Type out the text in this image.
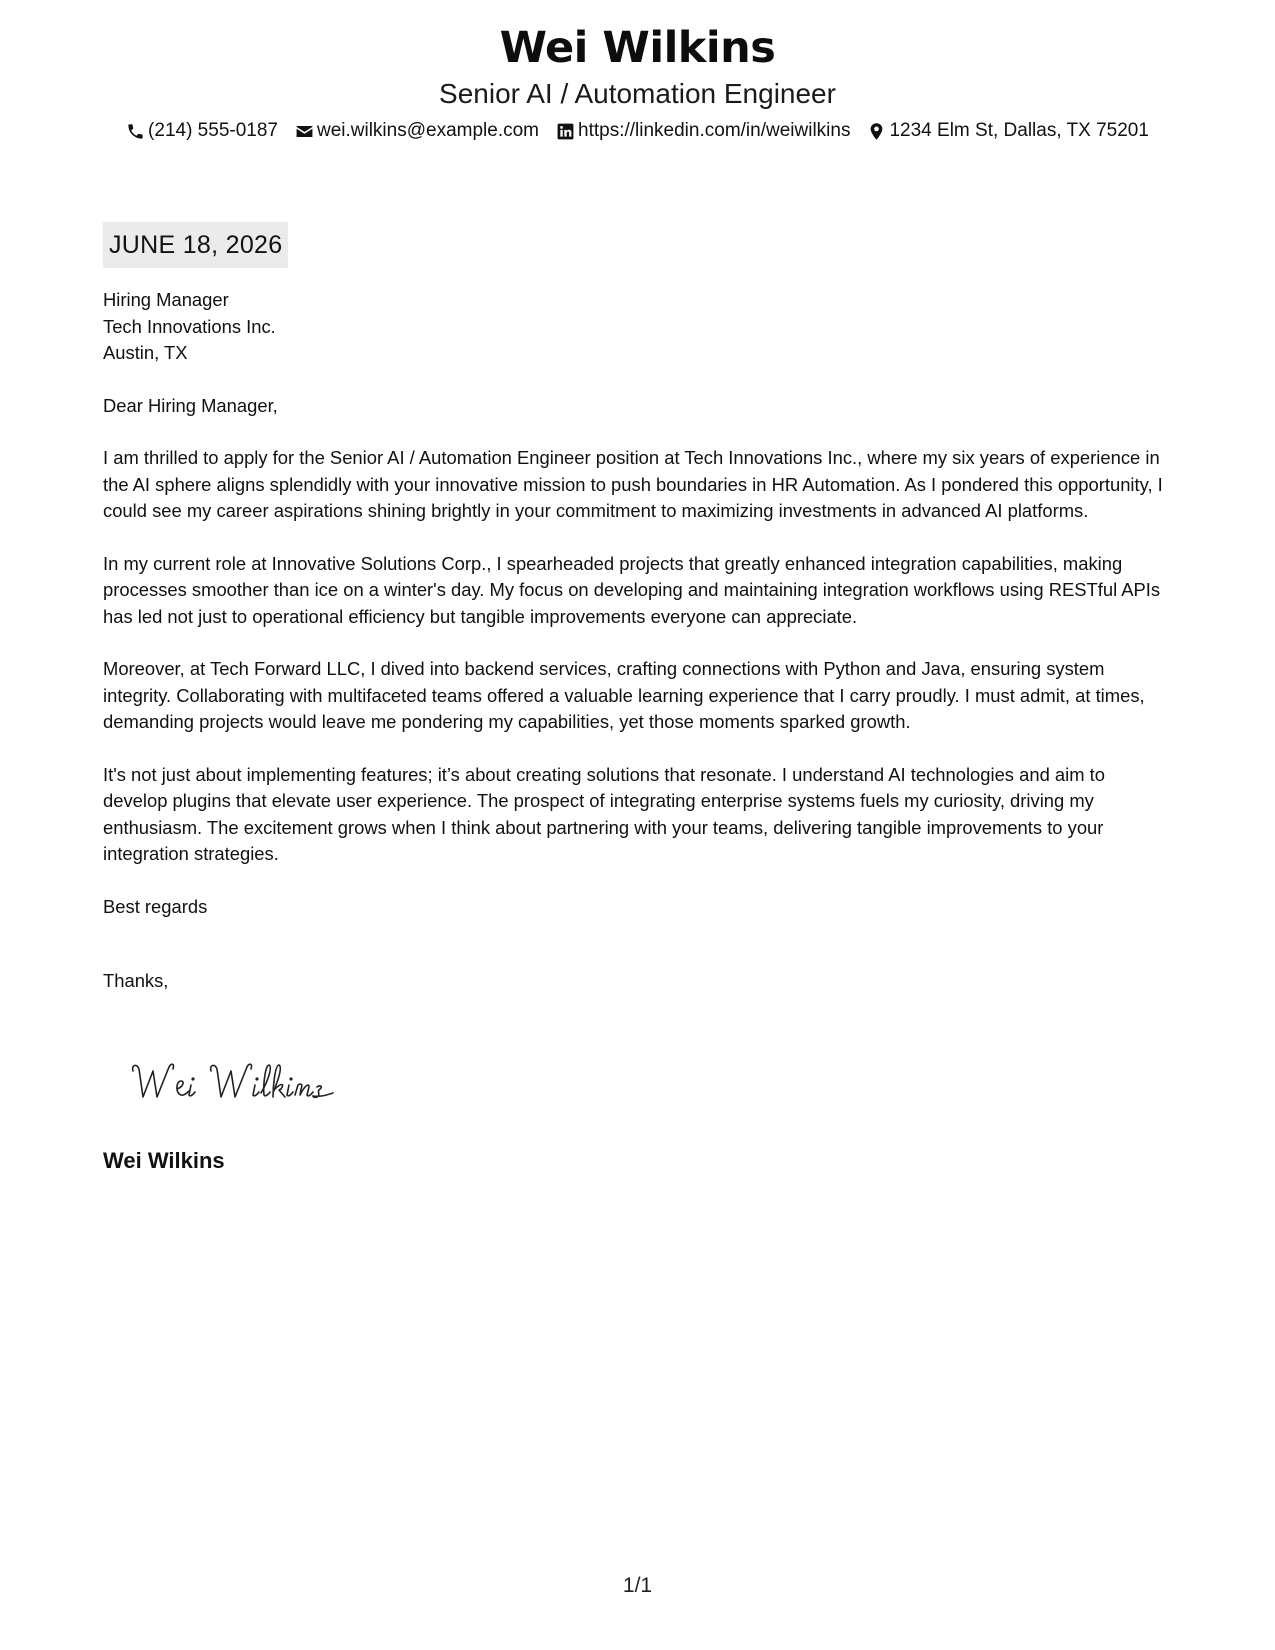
Wei Wilkins
Senior AI / Automation Engineer
(214) 555-0187 wei.wilkins@example.com https://linkedin.com/in/weiwilkins 1234 Elm St, Dallas, TX 75201
JUNE 18, 2026

Hiring Manager
Tech Innovations Inc.
Austin, TX

Dear Hiring Manager,

I am thrilled to apply for the Senior AI / Automation Engineer position at Tech Innovations Inc., where my six years of experience in the AI sphere aligns splendidly with your innovative mission to push boundaries in HR Automation. As I pondered this opportunity, I could see my career aspirations shining brightly in your commitment to maximizing investments in advanced AI platforms.

In my current role at Innovative Solutions Corp., I spearheaded projects that greatly enhanced integration capabilities, making processes smoother than ice on a winter's day. My focus on developing and maintaining integration workflows using RESTful APIs has led not just to operational efficiency but tangible improvements everyone can appreciate.

Moreover, at Tech Forward LLC, I dived into backend services, crafting connections with Python and Java, ensuring system integrity. Collaborating with multifaceted teams offered a valuable learning experience that I carry proudly. I must admit, at times, demanding projects would leave me pondering my capabilities, yet those moments sparked growth.

It's not just about implementing features; it’s about creating solutions that resonate. I understand AI technologies and aim to develop plugins that elevate user experience. The prospect of integrating enterprise systems fuels my curiosity, driving my enthusiasm. The excitement grows when I think about partnering with your teams, delivering tangible improvements to your integration strategies.

Best regards

Thanks,

Wei Wilkins
1/1
